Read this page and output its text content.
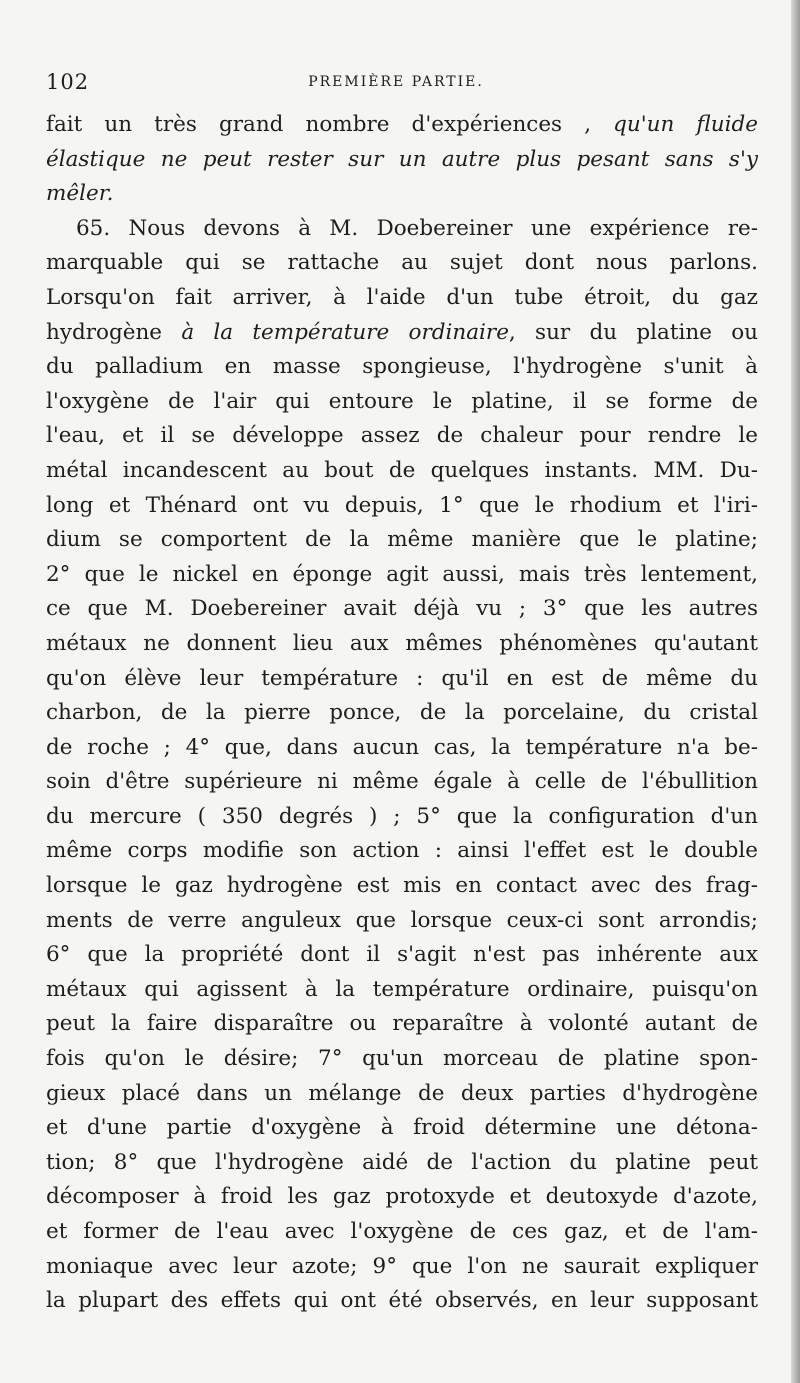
102	PREMIÈRE PARTIE.
fait un très grand nombre d'expériences , qu'un fluide
élastique ne peut rester sur un autre plus pesant sans s'y
mêler.
65. Nous devons à M. Doebereiner une expérience re-
marquable qui se rattache au sujet dont nous parlons.
Lorsqu'on fait arriver, à l'aide d'un tube étroit, du gaz
hydrogène à la température ordinaire, sur du platine ou
du palladium en masse spongieuse, l'hydrogène s'unit à
l'oxygène de l'air qui entoure le platine, il se forme de
l'eau, et il se développe assez de chaleur pour rendre le
métal incandescent au bout de quelques instants. MM. Du-
long et Thénard ont vu depuis, 1° que le rhodium et l'iri-
dium se comportent de la même manière que le platine;
2° que le nickel en éponge agit aussi, mais très lentement,
ce que M. Doebereiner avait déjà vu ; 3° que les autres
métaux ne donnent lieu aux mêmes phénomènes qu'autant
qu'on élève leur température : qu'il en est de même du
charbon, de la pierre ponce, de la porcelaine, du cristal
de roche ; 4° que, dans aucun cas, la température n'a be-
soin d'être supérieure ni même égale à celle de l'ébullition
du mercure ( 350 degrés ) ; 5° que la configuration d'un
même corps modifie son action : ainsi l'effet est le double
lorsque le gaz hydrogène est mis en contact avec des frag-
ments de verre anguleux que lorsque ceux-ci sont arrondis;
6° que la propriété dont il s'agit n'est pas inhérente aux
métaux qui agissent à la température ordinaire, puisqu'on
peut la faire disparaître ou reparaître à volonté autant de
fois qu'on le désire; 7° qu'un morceau de platine spon-
gieux placé dans un mélange de deux parties d'hydrogène
et d'une partie d'oxygène à froid détermine une détona-
tion; 8° que l'hydrogène aidé de l'action du platine peut
décomposer à froid les gaz protoxyde et deutoxyde d'azote,
et former de l'eau avec l'oxygène de ces gaz, et de l'am-
moniaque avec leur azote; 9° que l'on ne saurait expliquer
la plupart des effets qui ont été observés, en leur supposant
